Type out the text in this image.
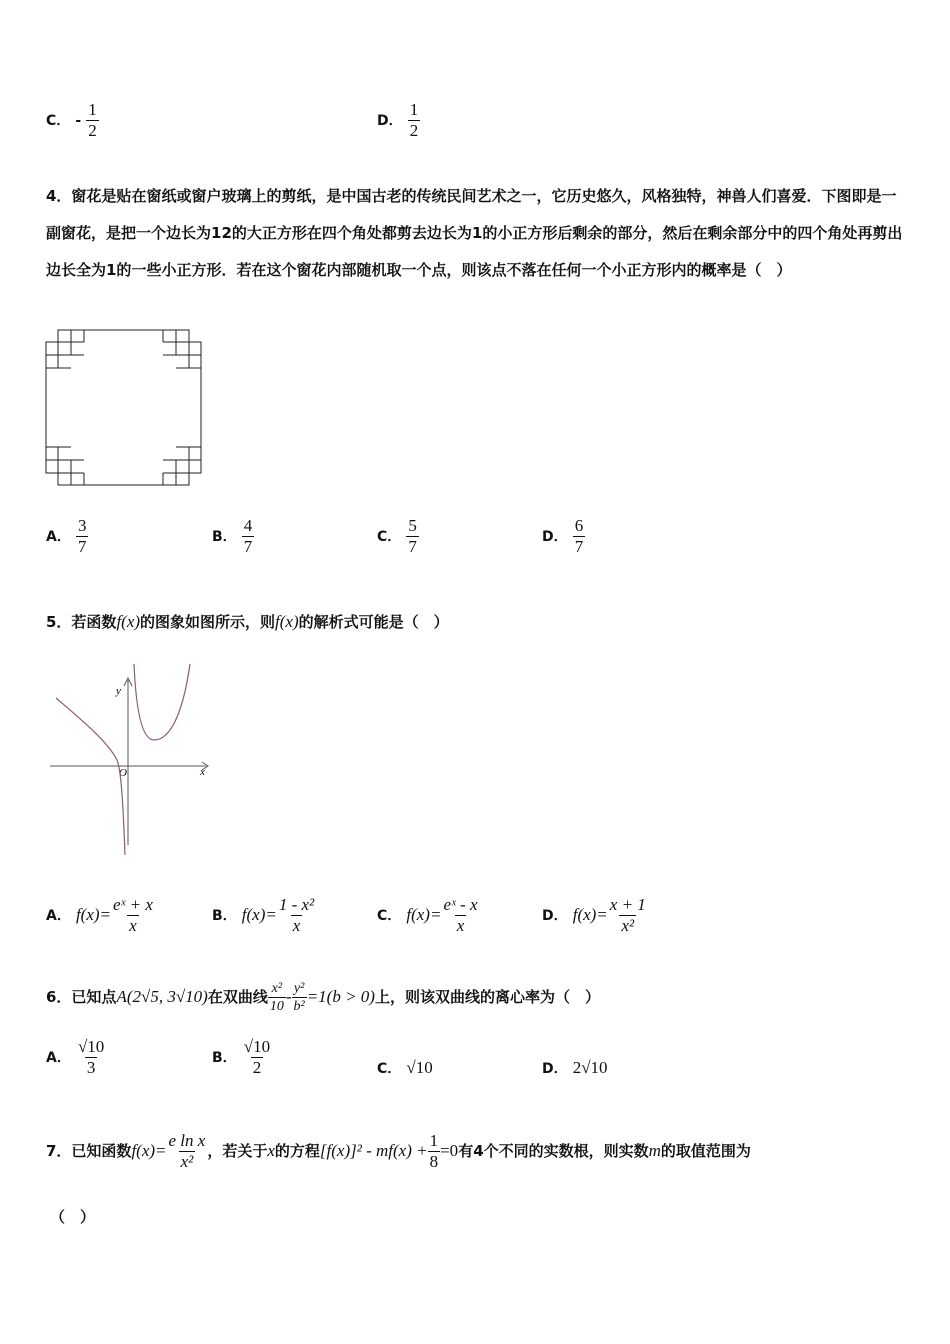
C． - $\frac{1}{2}$	D． $\frac{1}{2}$
4．窗花是贴在窗纸或窗户玻璃上的剪纸，是中国古老的传统民间艺术之一，它历史悠久，风格独特，神兽人们喜爱．下图即是一副窗花，是把一个边长为12的大正方形在四个角处都剪去边长为1的小正方形后剩余的部分，然后在剩余部分中的四个角处再剪出边长全为1的一些小正方形．若在这个窗花内部随机取一个点，则该点不落在任何一个小正方形内的概率是（　）
A． $\frac{3}{7}$	B． $\frac{4}{7}$	C． $\frac{5}{7}$	D． $\frac{6}{7}$
5．若函数f(x)的图象如图所示，则f(x)的解析式可能是（　）
y
x
O
A． $f(x)= \frac{\text{eˣ + x}}{x}$	B． $f(x)= \frac{\text{1 - x²}}{x}$	C． $f(x)= \frac{\text{eˣ - x}}{x}$	D． $f(x)= \frac{x + 1}{\text{x²}}$
6．已知点A(2√5, 3√10)在双曲线 $\frac{\text{x²}}{10} - \frac{\text{y²}}{\text{b²}} =1(b > 0)$上，则该双曲线的离心率为（　）
A． $\frac{√10}{3}$	B． $\frac{√10}{2}$	C． √10	D． 2√10
7．已知函数$f(x)= \frac{\text{e ln x}}{\text{x²}}$ ，若关于x的方程$[f(x)]^2 - mf(x) + \frac{1}{8} =0$有4个不同的实数根，则实数m的取值范围为
（　）
